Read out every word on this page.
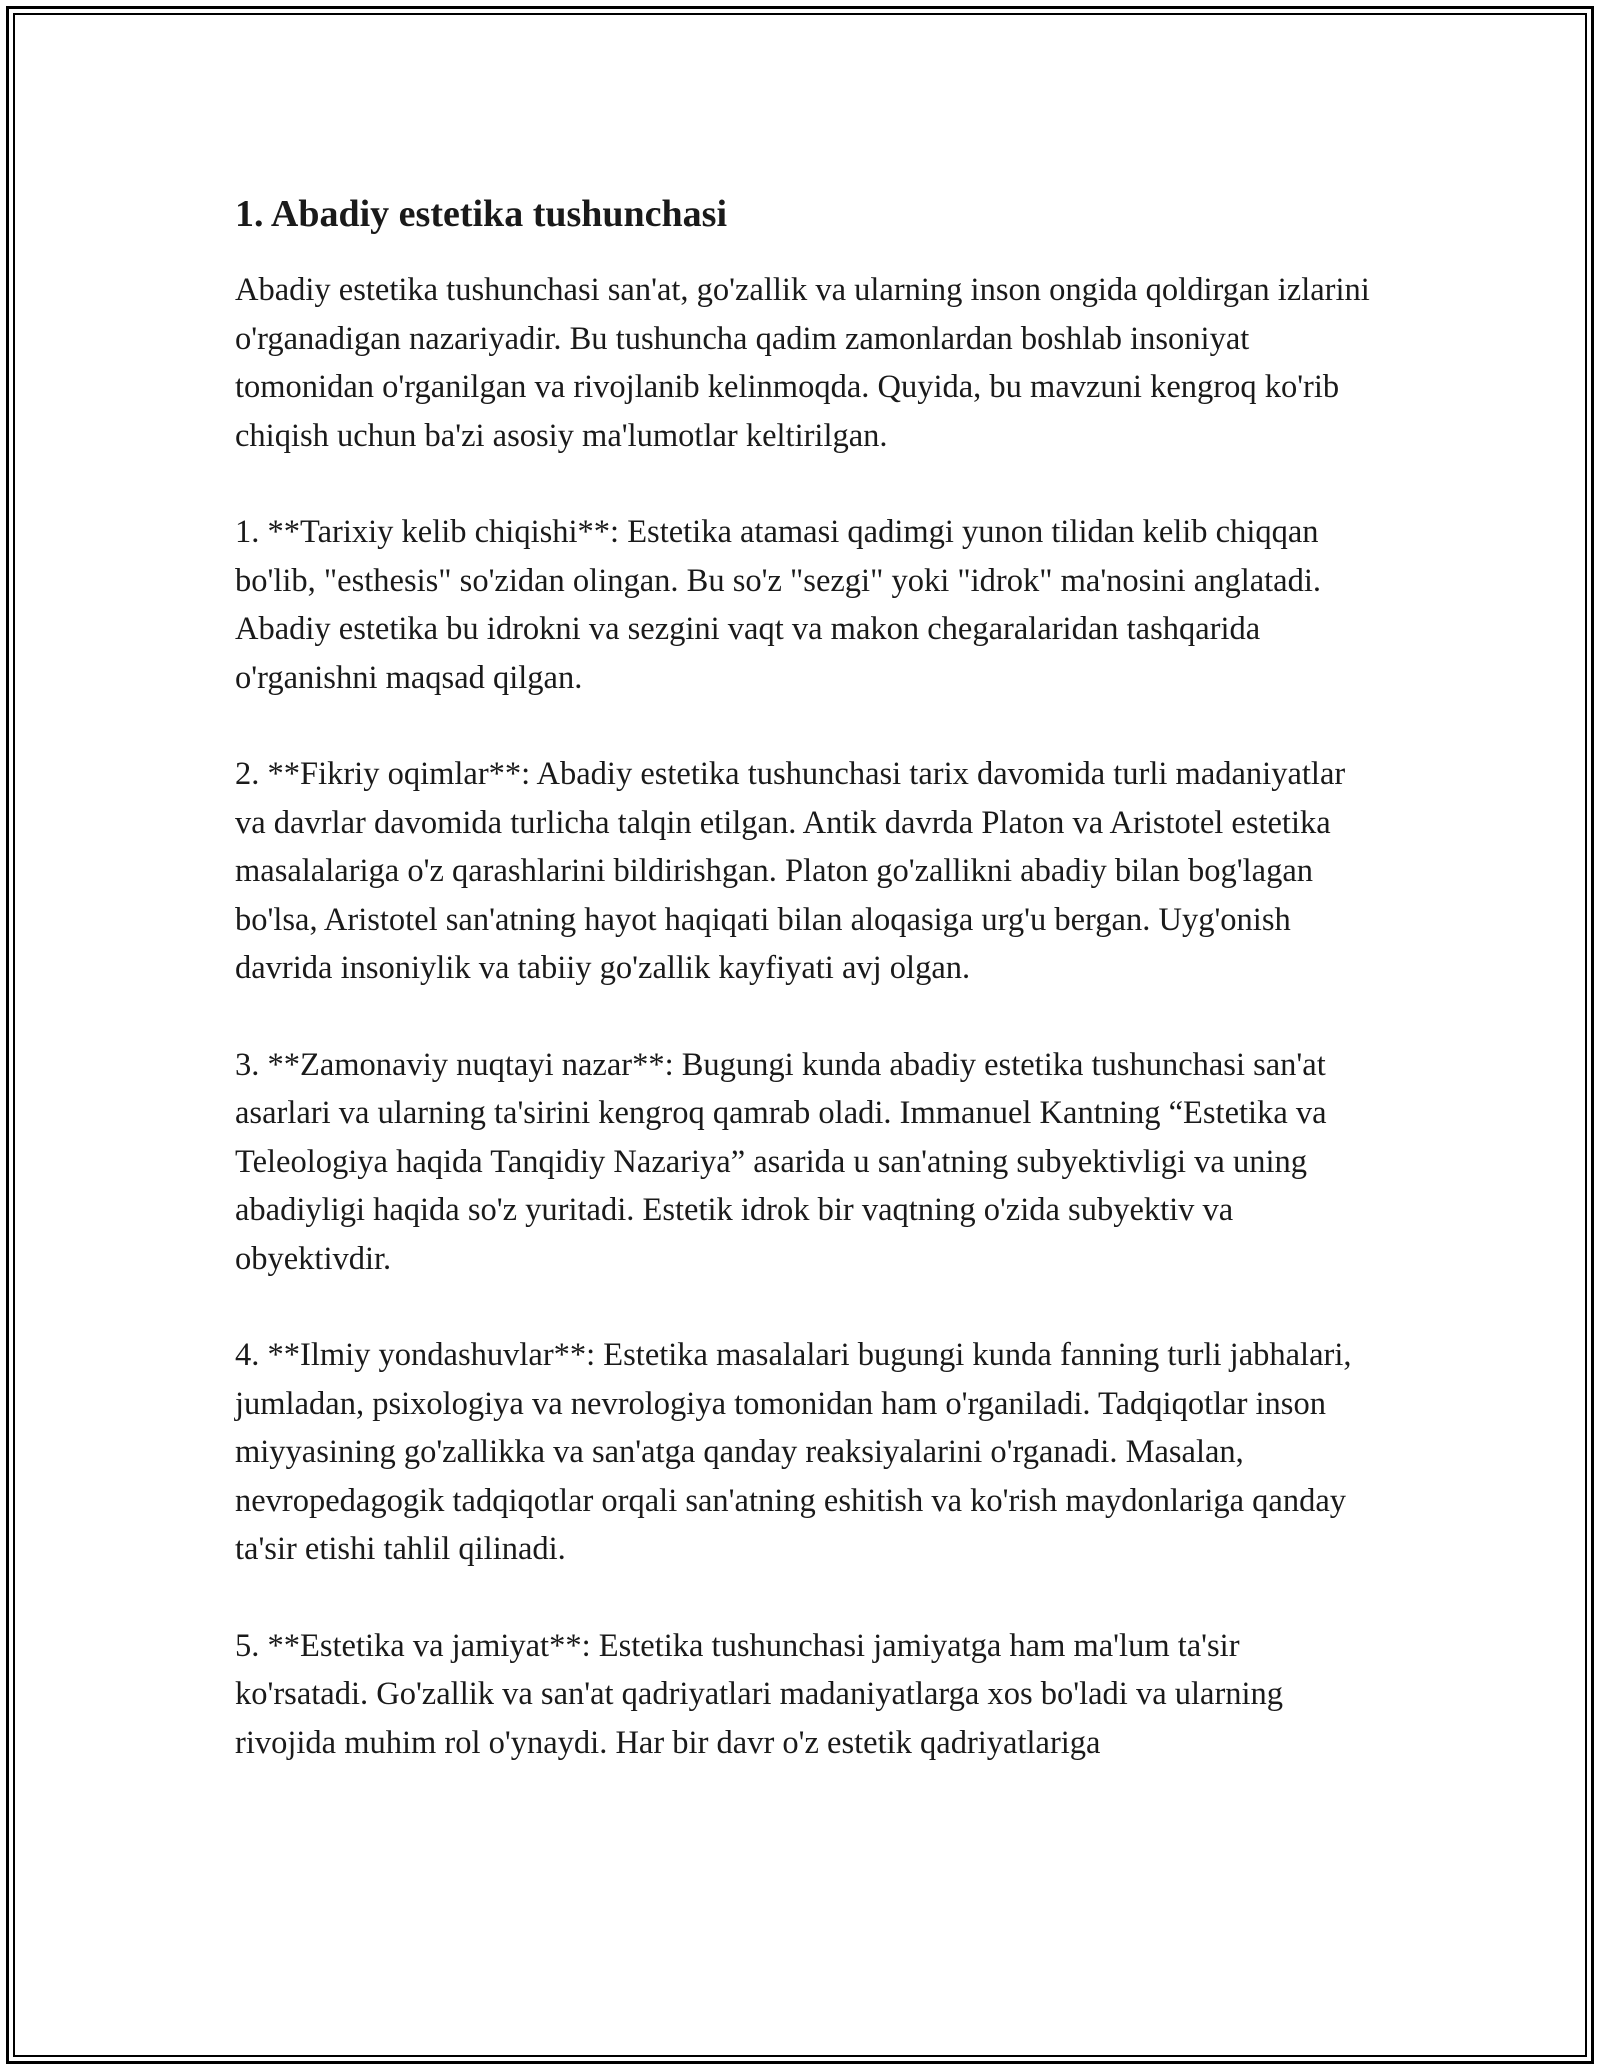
1. Abadiy estetika tushunchasi

Abadiy estetika tushunchasi san'at, go'zallik va ularning inson ongida qoldirgan izlarini o'rganadigan nazariyadir. Bu tushuncha qadim zamonlardan boshlab insoniyat tomonidan o'rganilgan va rivojlanib kelinmoqda. Quyida, bu mavzuni kengroq ko'rib chiqish uchun ba'zi asosiy ma'lumotlar keltirilgan.

1. **Tarixiy kelib chiqishi**: Estetika atamasi qadimgi yunon tilidan kelib chiqqan bo'lib, "esthesis" so'zidan olingan. Bu so'z "sezgi" yoki "idrok" ma'nosini anglatadi. Abadiy estetika bu idrokni va sezgini vaqt va makon chegaralaridan tashqarida o'rganishni maqsad qilgan.

2. **Fikriy oqimlar**: Abadiy estetika tushunchasi tarix davomida turli madaniyatlar va davrlar davomida turlicha talqin etilgan. Antik davrda Platon va Aristotel estetika masalalariga o'z qarashlarini bildirishgan. Platon go'zallikni abadiy bilan bog'lagan bo'lsa, Aristotel san'atning hayot haqiqati bilan aloqasiga urg'u bergan. Uyg'onish davrida insoniylik va tabiiy go'zallik kayfiyati avj olgan.

3. **Zamonaviy nuqtayi nazar**: Bugungi kunda abadiy estetika tushunchasi san'at asarlari va ularning ta'sirini kengroq qamrab oladi. Immanuel Kantning “Estetika va Teleologiya haqida Tanqidiy Nazariya” asarida u san'atning subyektivligi va uning abadiyligi haqida so'z yuritadi. Estetik idrok bir vaqtning o'zida subyektiv va obyektivdir.

4. **Ilmiy yondashuvlar**: Estetika masalalari bugungi kunda fanning turli jabhalari, jumladan, psixologiya va nevrologiya tomonidan ham o'rganiladi. Tadqiqotlar inson miyyasining go'zallikka va san'atga qanday reaksiyalarini o'rganadi. Masalan, nevropedagogik tadqiqotlar orqali san'atning eshitish va ko'rish maydonlariga qanday ta'sir etishi tahlil qilinadi.

5. **Estetika va jamiyat**: Estetika tushunchasi jamiyatga ham ma'lum ta'sir ko'rsatadi. Go'zallik va san'at qadriyatlari madaniyatlarga xos bo'ladi va ularning rivojida muhim rol o'ynaydi. Har bir davr o'z estetik qadriyatlariga
